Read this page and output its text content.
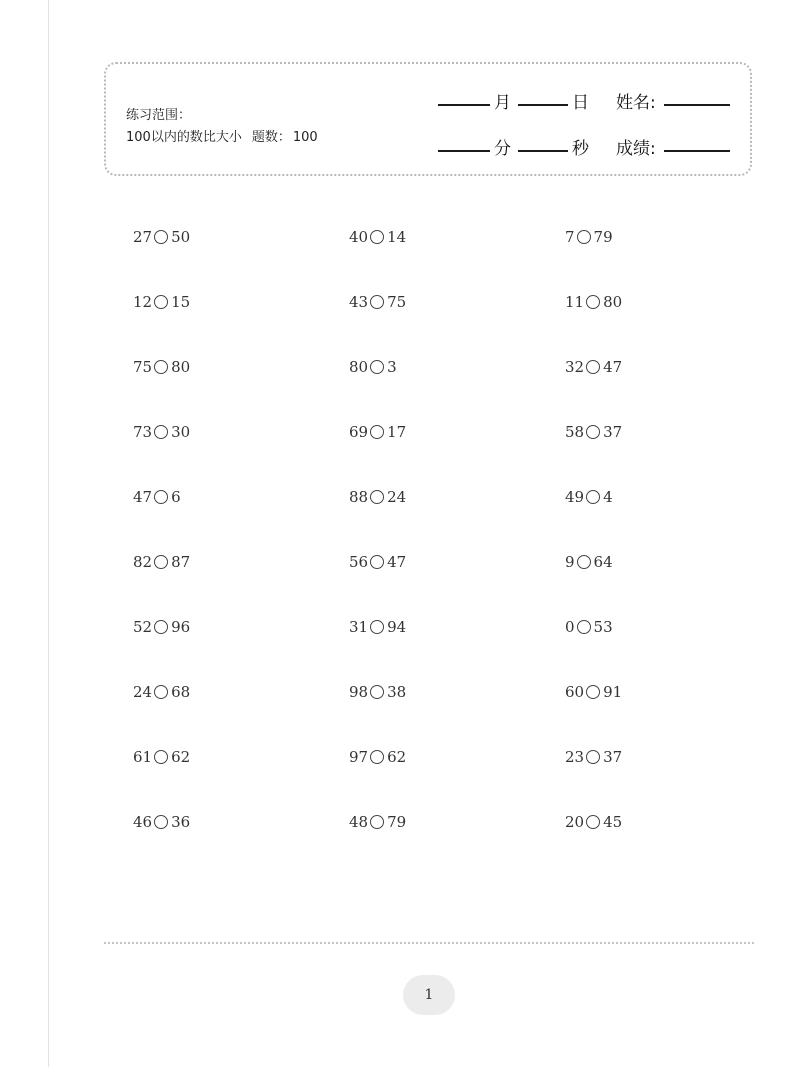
练习范围：
100以内的数比大小 题数： 100
月	日 姓名:
分	秒 成绩:
27 50	40 14	7 79
12 15	43 75	11 80
75 80	80 3	32 47
73 30	69 17	58 37
47 6	88 24	49 4
82 87	56 47	9 64
52 96	31 94	0 53
24 68	98 38	60 91
61 62	97 62	23 37
46 36	48 79	20 45
1
